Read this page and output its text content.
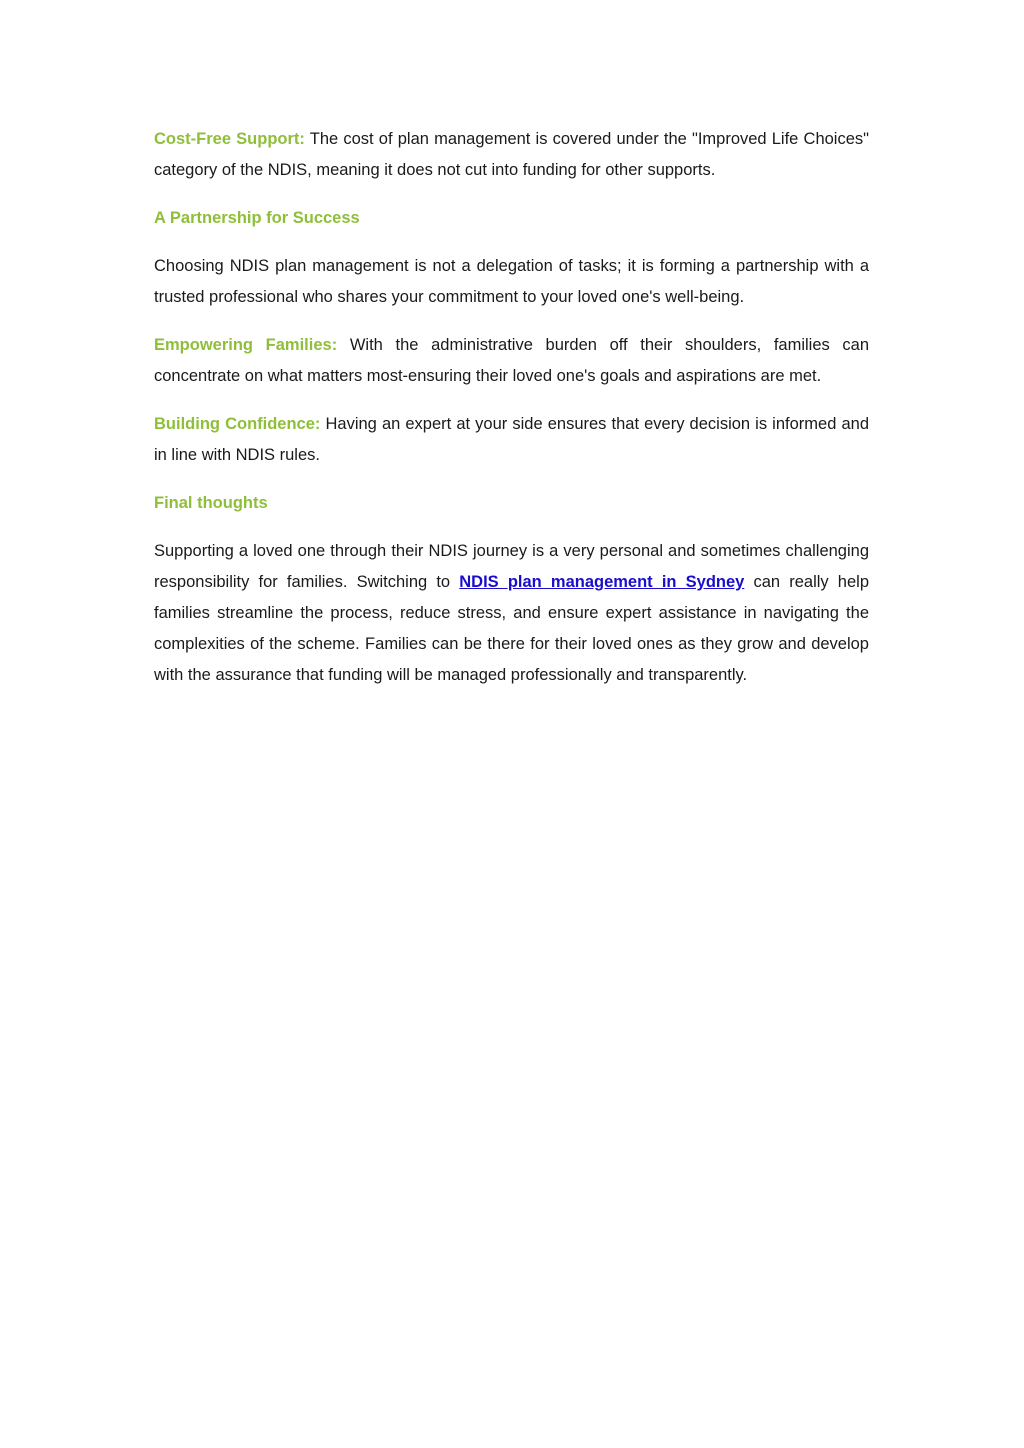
Cost-Free Support: The cost of plan management is covered under the "Improved Life Choices" category of the NDIS, meaning it does not cut into funding for other supports.

A Partnership for Success

Choosing NDIS plan management is not a delegation of tasks; it is forming a partnership with a trusted professional who shares your commitment to your loved one's well-being.

Empowering Families: With the administrative burden off their shoulders, families can concentrate on what matters most-ensuring their loved one's goals and aspirations are met.

Building Confidence: Having an expert at your side ensures that every decision is informed and in line with NDIS rules.

Final thoughts

Supporting a loved one through their NDIS journey is a very personal and sometimes challenging responsibility for families. Switching to NDIS plan management in Sydney can really help families streamline the process, reduce stress, and ensure expert assistance in navigating the complexities of the scheme. Families can be there for their loved ones as they grow and develop with the assurance that funding will be managed professionally and transparently.
